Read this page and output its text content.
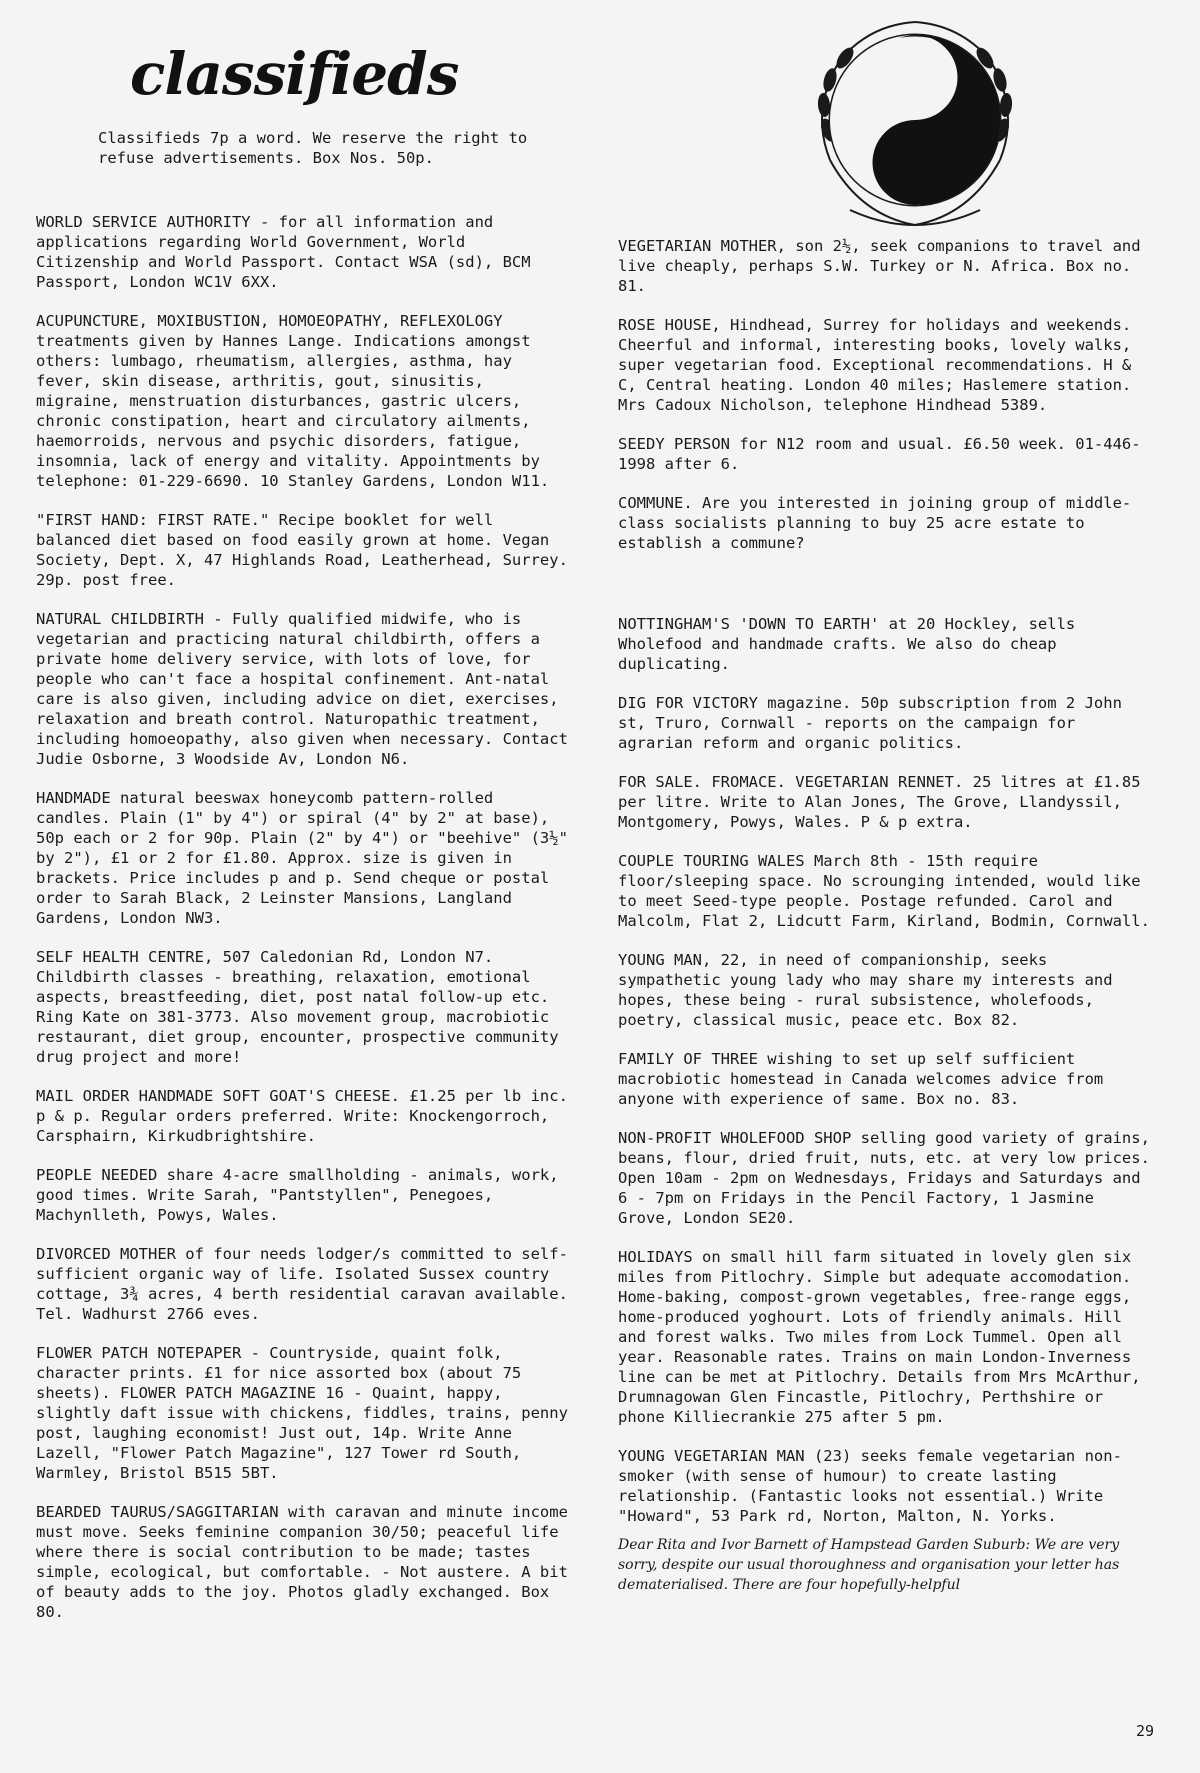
classifieds
Classifieds 7p a word. We reserve the right to refuse advertisements. Box Nos. 50p.

WORLD SERVICE AUTHORITY - for all information and applications regarding World Government, World Citizenship and World Passport. Contact WSA (sd), BCM Passport, London WC1V 6XX.

ACUPUNCTURE, MOXIBUSTION, HOMOEOPATHY, REFLEXOLOGY treatments given by Hannes Lange. Indications amongst others: lumbago, rheumatism, allergies, asthma, hay fever, skin disease, arthritis, gout, sinusitis, migraine, menstruation disturbances, gastric ulcers, chronic constipation, heart and circulatory ailments, haemorroids, nervous and psychic disorders, fatigue, insomnia, lack of energy and vitality. Appointments by telephone: 01-229-6690. 10 Stanley Gardens, London W11.

"FIRST HAND: FIRST RATE." Recipe booklet for well balanced diet based on food easily grown at home. Vegan Society, Dept. X, 47 Highlands Road, Leatherhead, Surrey. 29p. post free.

NATURAL CHILDBIRTH - Fully qualified midwife, who is vegetarian and practicing natural childbirth, offers a private home delivery service, with lots of love, for people who can't face a hospital confinement. Ant-natal care is also given, including advice on diet, exercises, relaxation and breath control. Naturopathic treatment, including homoeopathy, also given when necessary. Contact Judie Osborne, 3 Woodside Av, London N6.

HANDMADE natural beeswax honeycomb pattern-rolled candles. Plain (1" by 4") or spiral (4" by 2" at base), 50p each or 2 for 90p. Plain (2" by 4") or "beehive" (3½" by 2"), £1 or 2 for £1.80. Approx. size is given in brackets. Price includes p and p. Send cheque or postal order to Sarah Black, 2 Leinster Mansions, Langland Gardens, London NW3.

SELF HEALTH CENTRE, 507 Caledonian Rd, London N7. Childbirth classes - breathing, relaxation, emotional aspects, breastfeeding, diet, post natal follow-up etc. Ring Kate on 381-3773. Also movement group, macrobiotic restaurant, diet group, encounter, prospective community drug project and more!

MAIL ORDER HANDMADE SOFT GOAT'S CHEESE. £1.25 per lb inc. p & p. Regular orders preferred. Write: Knockengorroch, Carsphairn, Kirkudbrightshire.

PEOPLE NEEDED share 4-acre smallholding - animals, work, good times. Write Sarah, "Pantstyllen", Penegoes, Machynlleth, Powys, Wales.

DIVORCED MOTHER of four needs lodger/s committed to self-sufficient organic way of life. Isolated Sussex country cottage, 3¾ acres, 4 berth residential caravan available. Tel. Wadhurst 2766 eves.

FLOWER PATCH NOTEPAPER - Countryside, quaint folk, character prints. £1 for nice assorted box (about 75 sheets). FLOWER PATCH MAGAZINE 16 - Quaint, happy, slightly daft issue with chickens, fiddles, trains, penny post, laughing economist! Just out, 14p. Write Anne Lazell, "Flower Patch Magazine", 127 Tower rd South, Warmley, Bristol B515 5BT.

BEARDED TAURUS/SAGGITARIAN with caravan and minute income must move. Seeks feminine companion 30/50; peaceful life where there is social contribution to be made; tastes simple, ecological, but comfortable. - Not austere. A bit of beauty adds to the joy. Photos gladly exchanged. Box 80.

VEGETARIAN MOTHER, son 2½, seek companions to travel and live cheaply, perhaps S.W. Turkey or N. Africa. Box no. 81.

ROSE HOUSE, Hindhead, Surrey for holidays and weekends. Cheerful and informal, interesting books, lovely walks, super vegetarian food. Exceptional recommendations. H & C, Central heating. London 40 miles; Haslemere station. Mrs Cadoux Nicholson, telephone Hindhead 5389.

SEEDY PERSON for N12 room and usual. £6.50 week. 01-446-1998 after 6.

COMMUNE. Are you interested in joining group of middle-class socialists planning to buy 25 acre estate to establish a commune?

NOTTINGHAM'S 'DOWN TO EARTH' at 20 Hockley, sells Wholefood and handmade crafts. We also do cheap duplicating.

DIG FOR VICTORY magazine. 50p subscription from 2 John st, Truro, Cornwall - reports on the campaign for agrarian reform and organic politics.

FOR SALE. FROMACE. VEGETARIAN RENNET. 25 litres at £1.85 per litre. Write to Alan Jones, The Grove, Llandyssil, Montgomery, Powys, Wales. P & p extra.

COUPLE TOURING WALES March 8th - 15th require floor/sleeping space. No scrounging intended, would like to meet Seed-type people. Postage refunded. Carol and Malcolm, Flat 2, Lidcutt Farm, Kirland, Bodmin, Cornwall.

YOUNG MAN, 22, in need of companionship, seeks sympathetic young lady who may share my interests and hopes, these being - rural subsistence, wholefoods, poetry, classical music, peace etc. Box 82.

FAMILY OF THREE wishing to set up self sufficient macrobiotic homestead in Canada welcomes advice from anyone with experience of same. Box no. 83.

NON-PROFIT WHOLEFOOD SHOP selling good variety of grains, beans, flour, dried fruit, nuts, etc. at very low prices. Open 10am - 2pm on Wednesdays, Fridays and Saturdays and 6 - 7pm on Fridays in the Pencil Factory, 1 Jasmine Grove, London SE20.

HOLIDAYS on small hill farm situated in lovely glen six miles from Pitlochry. Simple but adequate accomodation. Home-baking, compost-grown vegetables, free-range eggs, home-produced yoghourt. Lots of friendly animals. Hill and forest walks. Two miles from Lock Tummel. Open all year. Reasonable rates. Trains on main London-Inverness line can be met at Pitlochry. Details from Mrs McArthur, Drumnagowan Glen Fincastle, Pitlochry, Perthshire or phone Killiecrankie 275 after 5 pm.

YOUNG VEGETARIAN MAN (23) seeks female vegetarian non-smoker (with sense of humour) to create lasting relationship. (Fantastic looks not essential.) Write "Howard", 53 Park rd, Norton, Malton, N. Yorks.

Dear Rita and Ivor Barnett of Hampstead Garden Suburb: We are very sorry, despite our usual thoroughness and organisation your letter has dematerialised. There are four hopefully-helpful

29
